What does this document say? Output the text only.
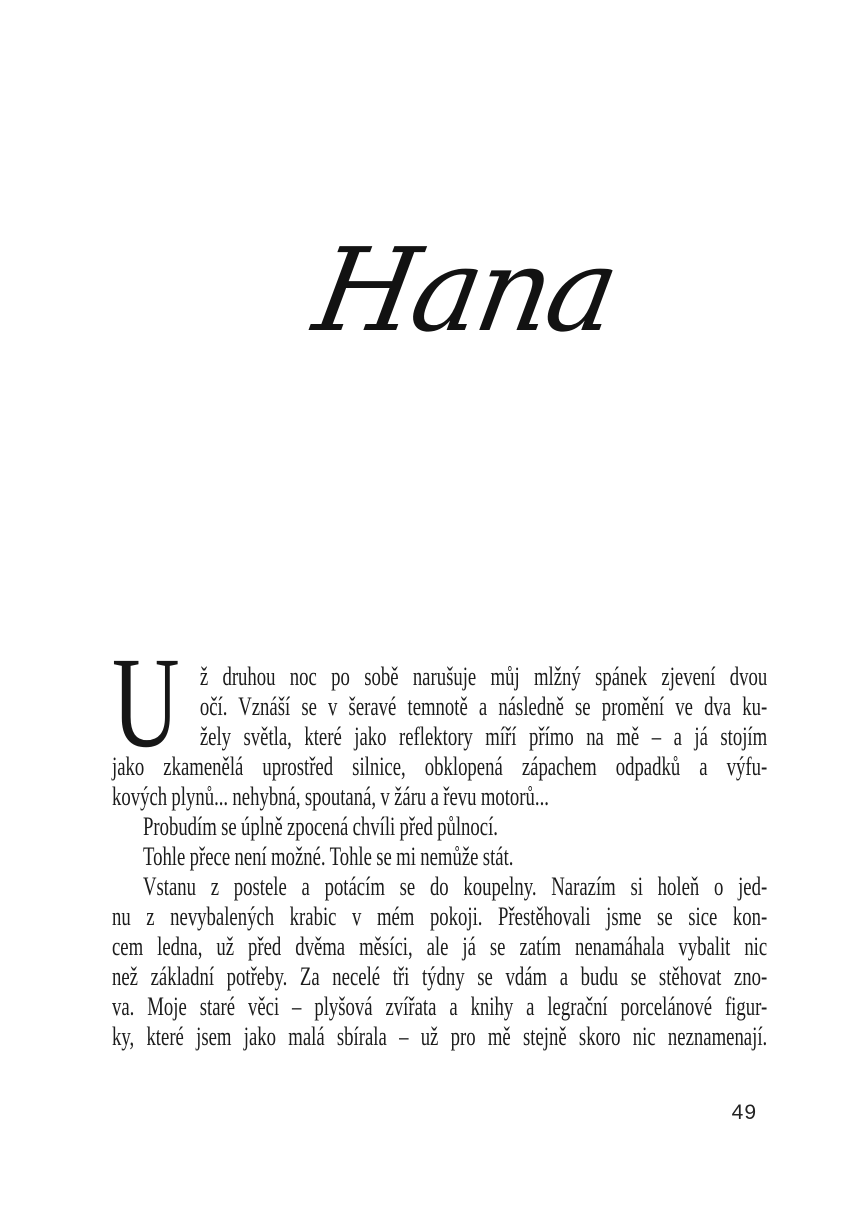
Hana
U ž druhou noc po sobě narušuje můj mlžný spánek zjevení dvou
očí. Vznáší se v šeravé temnotě a následně se promění ve dva ku-
žely světla, které jako reflektory míří přímo na mě – a já stojím
jako zkamenělá uprostřed silnice, obklopená zápachem odpadků a výfu-
kových plynů... nehybná, spoutaná, v žáru a řevu motorů...
Probudím se úplně zpocená chvíli před půlnocí.
Tohle přece není možné. Tohle se mi nemůže stát.
Vstanu z postele a potácím se do koupelny. Narazím si holeň o jed-
nu z nevybalených krabic v mém pokoji. Přestěhovali jsme se sice kon-
cem ledna, už před dvěma měsíci, ale já se zatím nenamáhala vybalit nic
než základní potřeby. Za necelé tři týdny se vdám a budu se stěhovat zno-
va. Moje staré věci – plyšová zvířata a knihy a legrační porcelánové figur-
ky, které jsem jako malá sbírala – už pro mě stejně skoro nic neznamenají.
49
